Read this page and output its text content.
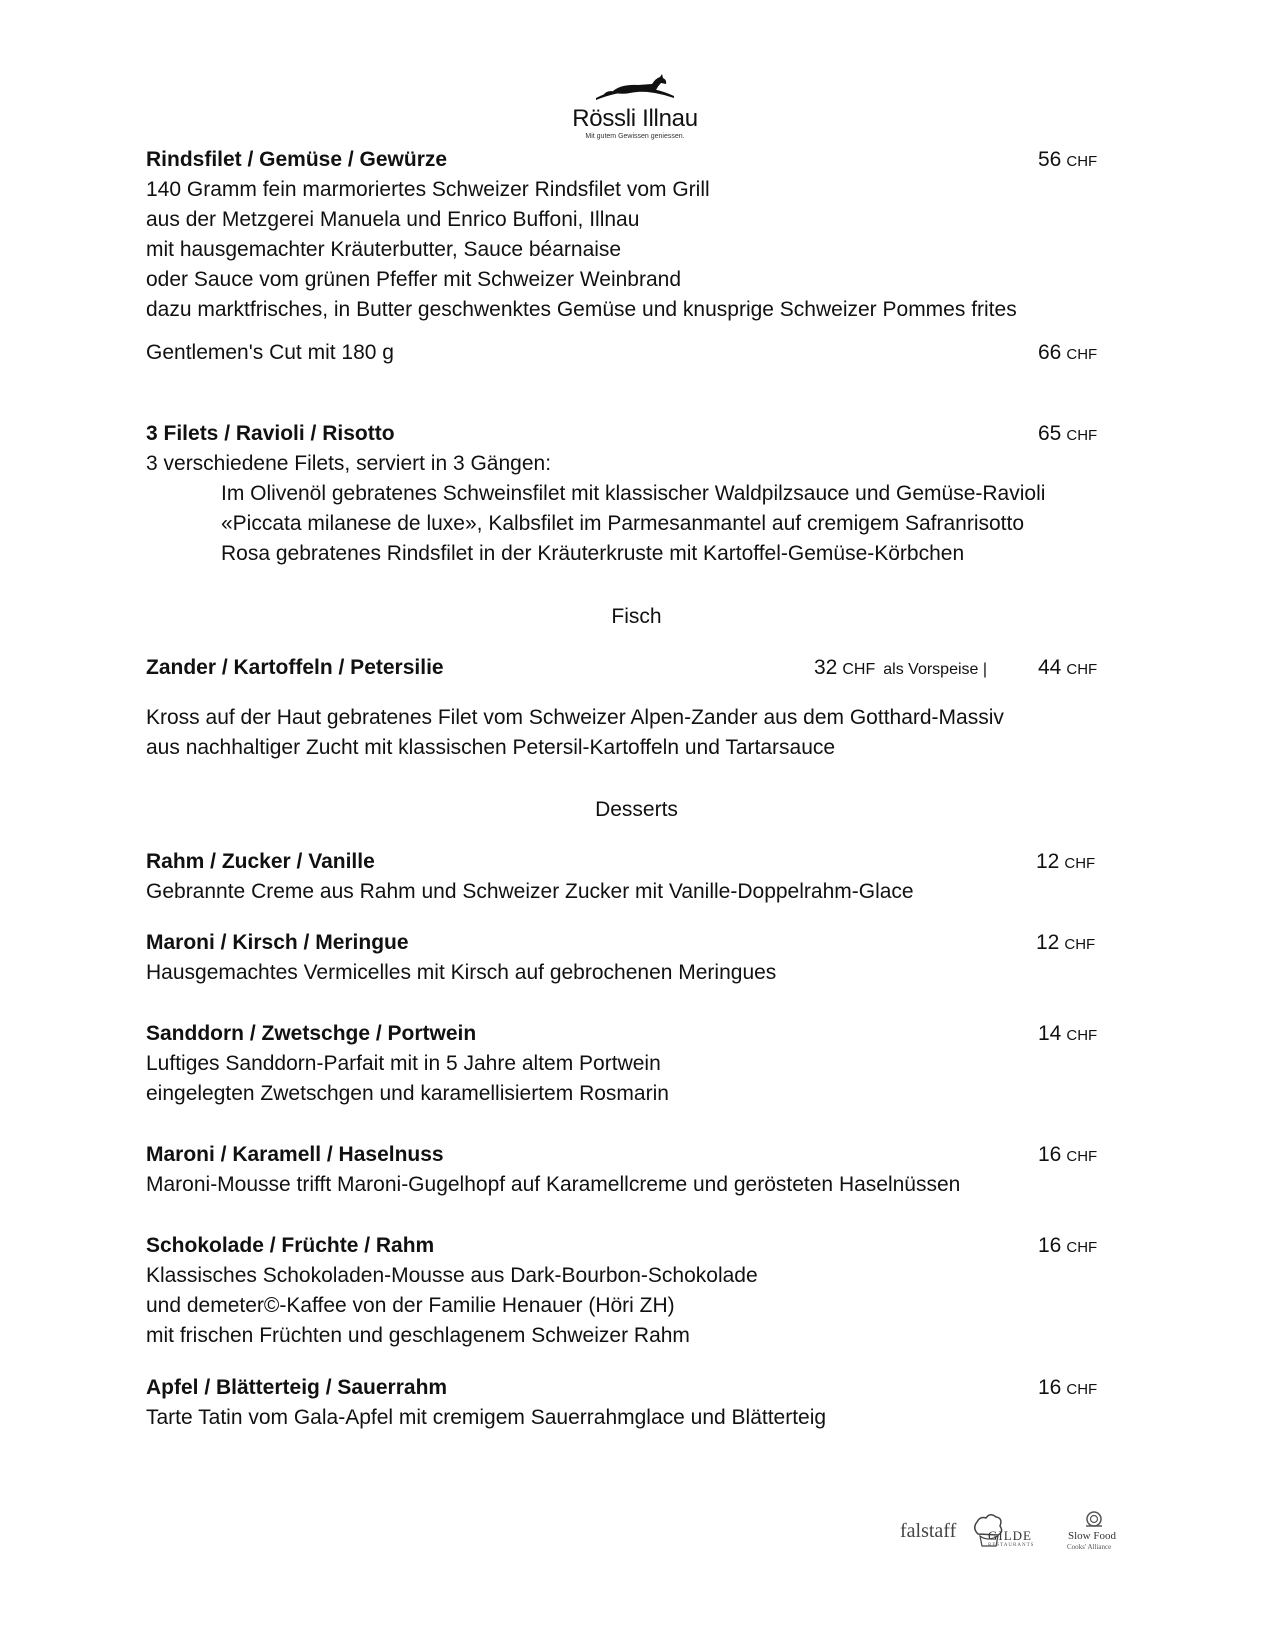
Rössli Illnau
Mit gutem Gewissen geniessen.
Rindsfilet / Gemüse / Gewürze	56 CHF
140 Gramm fein marmoriertes Schweizer Rindsfilet vom Grill
aus der Metzgerei Manuela und Enrico Buffoni, Illnau
mit hausgemachter Kräuterbutter, Sauce béarnaise
oder Sauce vom grünen Pfeffer mit Schweizer Weinbrand
dazu marktfrisches, in Butter geschwenktes Gemüse und knusprige Schweizer Pommes frites
Gentlemen's Cut mit 180 g	66 CHF
3 Filets / Ravioli / Risotto	65 CHF
3 verschiedene Filets, serviert in 3 Gängen:
Im Olivenöl gebratenes Schweinsfilet mit klassischer Waldpilzsauce und Gemüse-Ravioli
«Piccata milanese de luxe», Kalbsfilet im Parmesanmantel auf cremigem Safranrisotto
Rosa gebratenes Rindsfilet in der Kräuterkruste mit Kartoffel-Gemüse-Körbchen
Fisch
Zander / Kartoffeln / Petersilie	32 CHF als Vorspeise | 44 CHF
Kross auf der Haut gebratenes Filet vom Schweizer Alpen-Zander aus dem Gotthard-Massiv
aus nachhaltiger Zucht mit klassischen Petersil-Kartoffeln und Tartarsauce
Desserts
Rahm / Zucker / Vanille	12 CHF
Gebrannte Creme aus Rahm und Schweizer Zucker mit Vanille-Doppelrahm-Glace
Maroni / Kirsch / Meringue	12 CHF
Hausgemachtes Vermicelles mit Kirsch auf gebrochenen Meringues
Sanddorn / Zwetschge / Portwein	14 CHF
Luftiges Sanddorn-Parfait mit in 5 Jahre altem Portwein
eingelegten Zwetschgen und karamellisiertem Rosmarin
Maroni / Karamell / Haselnuss	16 CHF
Maroni-Mousse trifft Maroni-Gugelhopf auf Karamellcreme und gerösteten Haselnüssen
Schokolade / Früchte / Rahm	16 CHF
Klassisches Schokoladen-Mousse aus Dark-Bourbon-Schokolade
und demeter©-Kaffee von der Familie Henauer (Höri ZH)
mit frischen Früchten und geschlagenem Schweizer Rahm
Apfel / Blätterteig / Sauerrahm	16 CHF
Tarte Tatin vom Gala-Apfel mit cremigem Sauerrahmglace und Blätterteig
falstaff GILDE
RESTAURANTS
Slow Food
Cooks' Alliance
